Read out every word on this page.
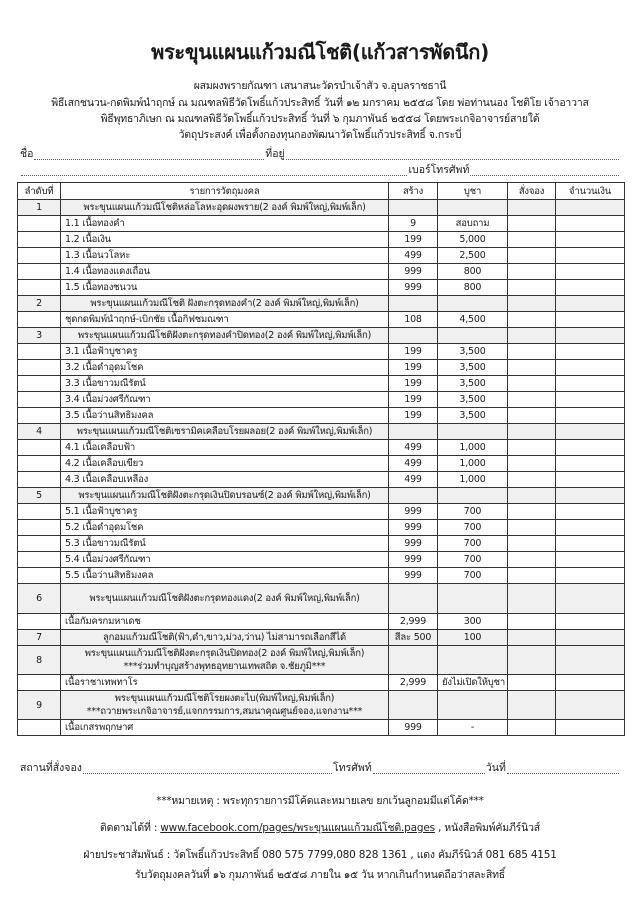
พระขุนแผนแก้วมณีโชติ(แก้วสารพัดนึก)
ผสมผงพรายกัณฑา เสนาสนะวัดรบำเจ้าสัว จ.อุบลราชธานี
พิธีเสกชนวน-กดพิมพ์นำฤกษ์ ณ มณฑลพิธีวัดโพธิ์แก้วประสิทธิ์ วันที่ ๑๒ มกราคม ๒๕๕๘ โดย พ่อท่านนอง โชติโย เจ้าอาวาส
พิธีพุทธาภิเษก ณ มณฑลพิธีวัดโพธิ์แก้วประสิทธิ์ วันที่ ๖ กุมภาพันธ์ ๒๕๕๘ โดยพระเกจิอาจารย์สายใต้
วัตถุประสงค์ เพื่อตั้งกองทุนกองพัฒนาวัดโพธิ์แก้วประสิทธิ์ จ.กระบี่
ชื่อ	ที่อยู่
เบอร์โทรศัพท์
ลำดับที่	รายการวัตถุมงคล	สร้าง	บูชา	สั่งจอง	จำนวนเงิน
1	พระขุนแผนแก้วมณีโชติหล่อโลหะอุดผงพราย(2 องค์ พิมพ์ใหญ่,พิมพ์เล็ก)				
	1.1 เนื้อทองคำ	9	สอบถาม		
	1.2 เนื้อเงิน	199	5,000		
	1.3 เนื้อนวโลหะ	499	2,500		
	1.4 เนื้อทองแดงเถื่อน	999	800		
	1.5 เนื้อทองชนวน	999	800		
2	พระขุนแผนแก้วมณีโชติ ฝังตะกรุดทองคำ(2 องค์ พิมพ์ใหญ่,พิมพ์เล็ก)				
	ชุดกดพิมพ์นำฤกษ์-เบิกชัย เนื้อกิฟชมณฑา	108	4,500		
3	พระขุนแผนแก้วมณีโชติฝังตะกรุดทองคำปิดทอง(2 องค์ พิมพ์ใหญ่,พิมพ์เล็ก)				
	3.1 เนื้อฟ้าบูชาครู	199	3,500		
	3.2 เนื้อดำอุดมโชค	199	3,500		
	3.3 เนื้อขาวมณีรัตน์	199	3,500		
	3.4 เนื้อม่วงศรีกัณฑา	199	3,500		
	3.5 เนื้อว่านสิทธิมงคล	199	3,500		
4	พระขุนแผนแก้วมณีโชติเซรามิคเคลือบโรยผลอย(2 องค์ พิมพ์ใหญ่,พิมพ์เล็ก)				
	4.1 เนื้อเคลือบฟ้า	499	1,000		
	4.2 เนื้อเคลือบเขียว	499	1,000		
	4.3 เนื้อเคลือบเหลือง	499	1,000		
5	พระขุนแผนแก้วมณีโชติฝังตะกรุดเงินปิดบรอนซ์(2 องค์ พิมพ์ใหญ่,พิมพ์เล็ก)				
	5.1 เนื้อฟ้าบูชาครู	999	700		
	5.2 เนื้อดำอุดมโชค	999	700		
	5.3 เนื้อขาวมณีรัตน์	999	700		
	5.4 เนื้อม่วงศรีกัณฑา	999	700		
	5.5 เนื้อว่านสิทธิมงคล	999	700		
6	พระขุนแผนแก้วมณีโชติฝังตะกรุดทองแดง(2 องค์ พิมพ์ใหญ่,พิมพ์เล็ก)				
	เนื้อกัมครกมหาเดช	2,999	300		
7	ลูกอมแก้วมณีโชติ(ฟ้า,ดำ,ขาว,ม่วง,ว่าน) ไม่สามารถเลือกสีได้	สีละ 500	100		
8	พระขุนแผนแก้วมณีโชติฝังตะกรุดเงินปิดทอง(2 องค์ พิมพ์ใหญ่,พิมพ์เล็ก)
***ร่วมทำบุญสร้างพุทธอุทยานเทพสถิต จ.ชัยภูมิ***				

	เนื้อราชาเทพทาโร	2,999	ยังไม่เปิดให้บูชา		
9	พระขุนแผนแก้วมณีโชติโรยผงตะไบ(พิมพ์ใหญ่,พิมพ์เล็ก)
***ถวายพระเกจิอาจารย์,แจกกรรมการ,สมนาคุณศูนย์จอง,แจกงาน***				

	เนื้อเกสรพฤกษาศ	999	-		
สถานที่สั่งจอง	โทรศัพท์	วันที่
***หมายเหตุ : พระทุกรายการมีโค้ดและหมายเลข ยกเว้นลูกอมมีแต่โค้ด***
ติดตามได้ที่ : www.facebook.com/pages/พระขุนแผนแก้วมณีโชติ.pages , หนังสือพิมพ์คัมภีร์นิวส์
ฝ่ายประชาสัมพันธ์ : วัดโพธิ์แก้วประสิทธิ์ 080 575 7799,080 828 1361 , แดง คัมภีร์นิวส์ 081 685 4151
รับวัตถุมงคลวันที่ ๑๖ กุมภาพันธ์ ๒๕๕๘ ภายใน ๑๕ วัน หากเกินกำหนดถือว่าสละสิทธิ์
